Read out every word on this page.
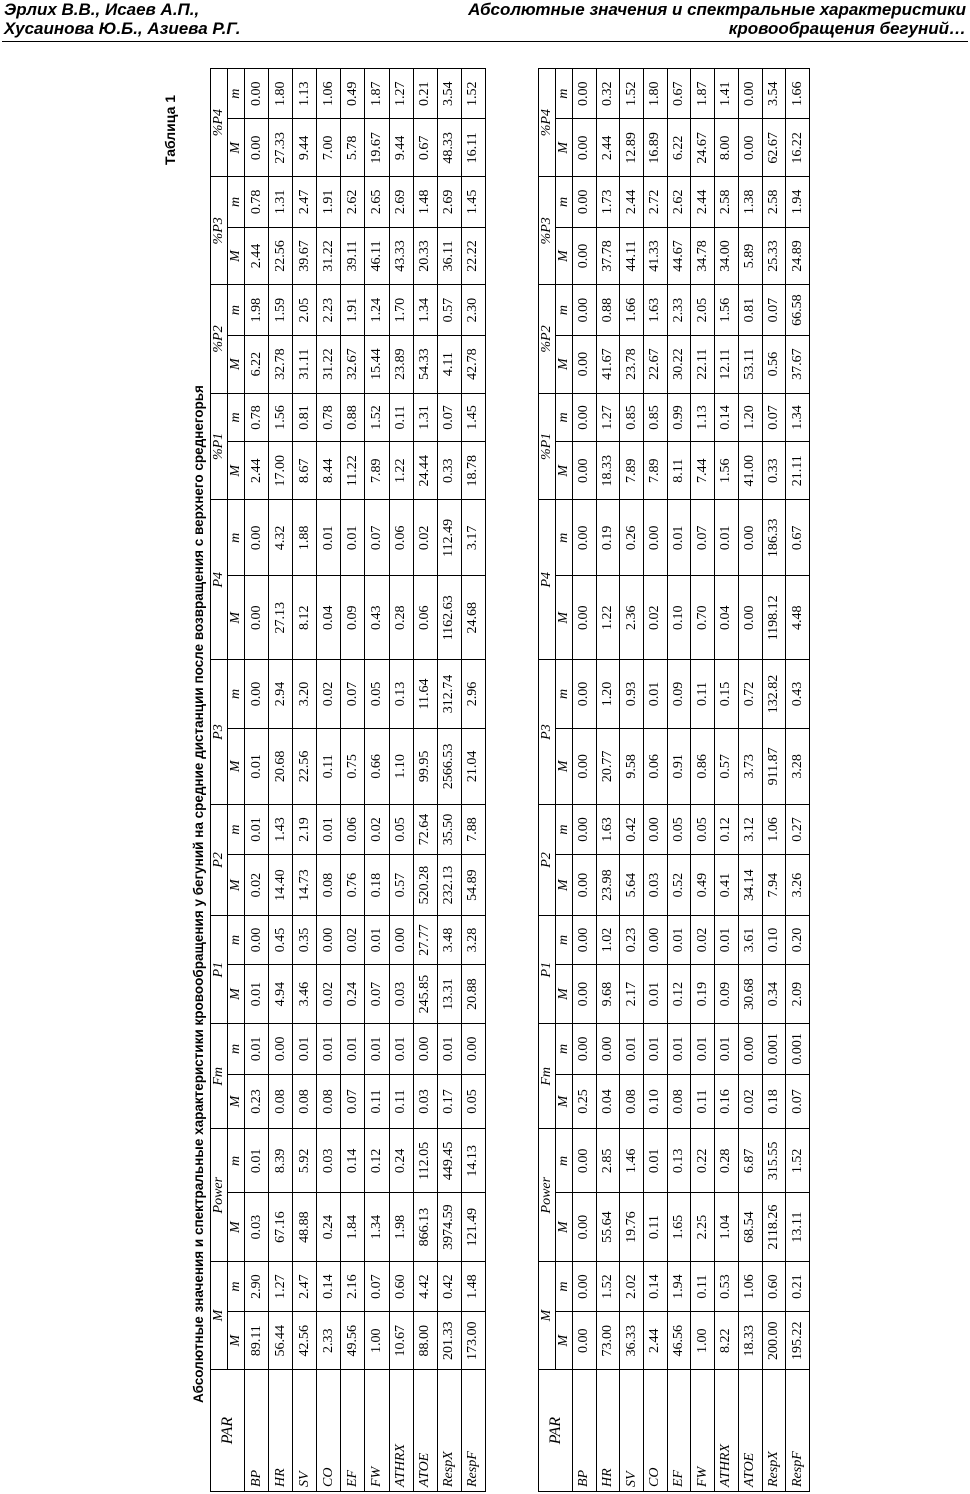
Эрлих В.В., Исаев А.П.,
Хусаинова Ю.Б., Азиева Р.Г.
Абсолютные значения и спектральные характеристики
кровообращения бегуний…
Таблица 1
Абсолютные значения и спектральные характеристики кровообращения у бегуний на средние дистанции после возвращения с верхнего среднегорья
PAR	M		Power		Fm		P1		P2		P3		P4		%P1		%P2		%P3		%P4	
	M	m	M	m	M	m	M	m	M	m	M	m	M	m	M	m	M	m	M	m	M	m
BP	89.11	2.90	0.03	0.01	0.23	0.01	0.01	0.00	0.02	0.01	0.01	0.00	0.00	0.00	2.44	0.78	6.22	1.98	2.44	0.78	0.00	0.00
HR	56.44	1.27	67.16	8.39	0.08	0.00	4.94	0.45	14.40	1.43	20.68	2.94	27.13	4.32	17.00	1.56	32.78	1.59	22.56	1.31	27.33	1.80
SV	42.56	2.47	48.88	5.92	0.08	0.01	3.46	0.35	14.73	2.19	22.56	3.20	8.12	1.88	8.67	0.81	31.11	2.05	39.67	2.47	9.44	1.13
CO	2.33	0.14	0.24	0.03	0.08	0.01	0.02	0.00	0.08	0.01	0.11	0.02	0.04	0.01	8.44	0.78	31.22	2.23	31.22	1.91	7.00	1.06
EF	49.56	2.16	1.84	0.14	0.07	0.01	0.24	0.02	0.76	0.06	0.75	0.07	0.09	0.01	11.22	0.88	32.67	1.91	39.11	2.62	5.78	0.49
FW	1.00	0.07	1.34	0.12	0.11	0.01	0.07	0.01	0.18	0.02	0.66	0.05	0.43	0.07	7.89	1.52	15.44	1.24	46.11	2.65	19.67	1.87
ATHRX	10.67	0.60	1.98	0.24	0.11	0.01	0.03	0.00	0.57	0.05	1.10	0.13	0.28	0.06	1.22	0.11	23.89	1.70	43.33	2.69	9.44	1.27
ATOE	88.00	4.42	866.13	112.05	0.03	0.00	245.85	27.77	520.28	72.64	99.95	11.64	0.06	0.02	24.44	1.31	54.33	1.34	20.33	1.48	0.67	0.21
RespX	201.33	0.42	3974.59	449.45	0.17	0.01	13.31	3.48	232.13	35.50	2566.53	312.74	1162.63	112.49	0.33	0.07	4.11	0.57	36.11	2.69	48.33	3.54
RespF	173.00	1.48	121.49	14.13	0.05	0.00	20.88	3.28	54.89	7.88	21.04	2.96	24.68	3.17	18.78	1.45	42.78	2.30	22.22	1.45	16.11	1.52
PAR	M		Power		Fm		P1		P2		P3		P4		%P1		%P2		%P3		%P4	
	M	m	M	m	M	m	M	m	M	m	M	m	M	m	M	m	M	m	M	m	M	m
BP	0.00	0.00	0.00	0.00	0.25	0.00	0.00	0.00	0.00	0.00	0.00	0.00	0.00	0.00	0.00	0.00	0.00	0.00	0.00	0.00	0.00	0.00
HR	73.00	1.52	55.64	2.85	0.04	0.00	9.68	1.02	23.98	1.63	20.77	1.20	1.22	0.19	18.33	1.27	41.67	0.88	37.78	1.73	2.44	0.32
SV	36.33	2.02	19.76	1.46	0.08	0.01	2.17	0.23	5.64	0.42	9.58	0.93	2.36	0.26	7.89	0.85	23.78	1.66	44.11	2.44	12.89	1.52
CO	2.44	0.14	0.11	0.01	0.10	0.01	0.01	0.00	0.03	0.00	0.06	0.01	0.02	0.00	7.89	0.85	22.67	1.63	41.33	2.72	16.89	1.80
EF	46.56	1.94	1.65	0.13	0.08	0.01	0.12	0.01	0.52	0.05	0.91	0.09	0.10	0.01	8.11	0.99	30.22	2.33	44.67	2.62	6.22	0.67
FW	1.00	0.11	2.25	0.22	0.11	0.01	0.19	0.02	0.49	0.05	0.86	0.11	0.70	0.07	7.44	1.13	22.11	2.05	34.78	2.44	24.67	1.87
ATHRX	8.22	0.53	1.04	0.28	0.16	0.01	0.09	0.01	0.41	0.12	0.57	0.15	0.04	0.01	1.56	0.14	12.11	1.56	34.00	2.58	8.00	1.41
ATOE	18.33	1.06	68.54	6.87	0.02	0.00	30.68	3.61	34.14	3.12	3.73	0.72	0.00	0.00	41.00	1.20	53.11	0.81	5.89	1.38	0.00	0.00
RespX	200.00	0.60	2118.26	315.55	0.18	0.001	0.34	0.10	7.94	1.06	911.87	132.82	1198.12	186.33	0.33	0.07	0.56	0.07	25.33	2.58	62.67	3.54
RespF	195.22	0.21	13.11	1.52	0.07	0.001	2.09	0.20	3.26	0.27	3.28	0.43	4.48	0.67	21.11	1.34	37.67	66.58	24.89	1.94	16.22	1.66
